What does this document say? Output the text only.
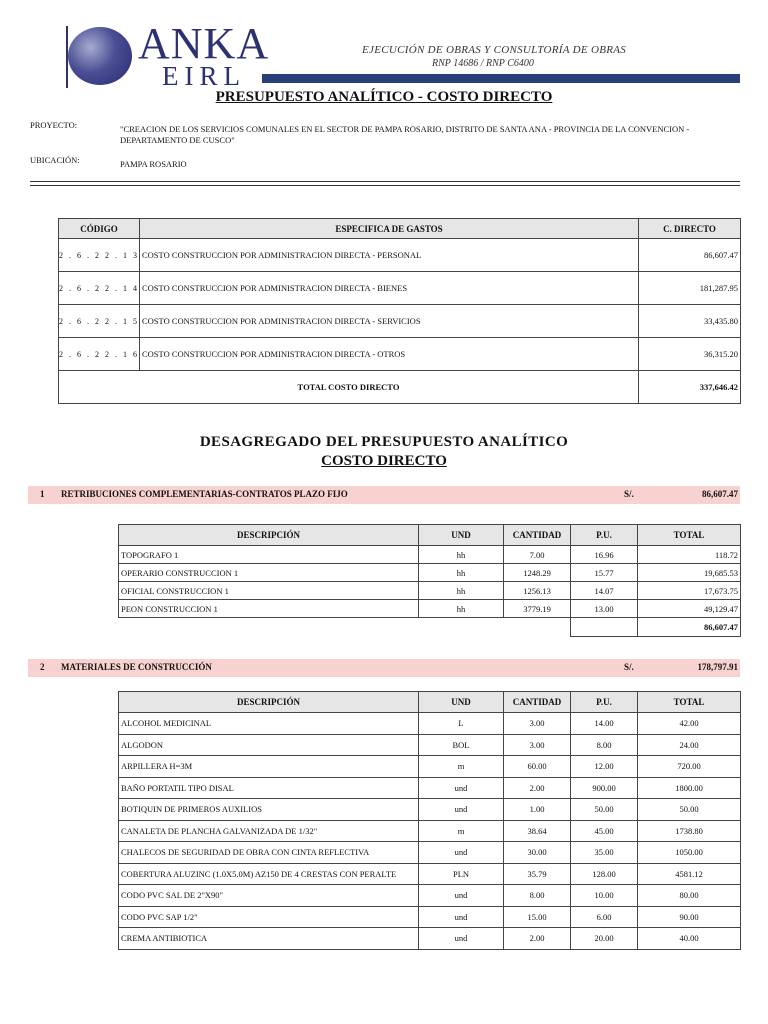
ANKA
EIRL
EJECUCIÓN DE OBRAS Y CONSULTORÍA DE OBRAS
RNP 14686 / RNP C6400
PRESUPUESTO ANALÍTICO - COSTO DIRECTO
PROYECTO:	"CREACION DE LOS SERVICIOS COMUNALES EN EL SECTOR DE PAMPA ROSARIO, DISTRITO DE SANTA ANA - PROVINCIA DE LA CONVENCION - DEPARTAMENTO DE CUSCO"
UBICACIÓN:	PAMPA ROSARIO
CÓDIGO	ESPECIFICA DE GASTOS	C. DIRECTO
2 . 6 . 2 2 . 1 3	COSTO CONSTRUCCION POR ADMINISTRACION DIRECTA - PERSONAL	86,607.47
2 . 6 . 2 2 . 1 4	COSTO CONSTRUCCION POR ADMINISTRACION DIRECTA - BIENES	181,287.95
2 . 6 . 2 2 . 1 5	COSTO CONSTRUCCION POR ADMINISTRACION DIRECTA - SERVICIOS	33,435.80
2 . 6 . 2 2 . 1 6	COSTO CONSTRUCCION POR ADMINISTRACION DIRECTA - OTROS	36,315.20
TOTAL COSTO DIRECTO		337,646.42
DESAGREGADO DEL PRESUPUESTO ANALÍTICO
COSTO DIRECTO
1 RETRIBUCIONES COMPLEMENTARIAS-CONTRATOS PLAZO FIJO	S/.	86,607.47
DESCRIPCIÓN	UND	CANTIDAD	P.U.	TOTAL
TOPOGRAFO 1	hh	7.00	16.96	118.72
OPERARIO CONSTRUCCION 1	hh	1248.29	15.77	19,685.53
OFICIAL CONSTRUCCION 1	hh	1256.13	14.07	17,673.75
PEON CONSTRUCCION 1	hh	3779.19	13.00	49,129.47
				86,607.47
2 MATERIALES DE CONSTRUCCIÓN	S/.	178,797.91
DESCRIPCIÓN	UND	CANTIDAD	P.U.	TOTAL
ALCOHOL MEDICINAL	L	3.00	14.00	42.00
ALGODON	BOL	3.00	8.00	24.00
ARPILLERA H=3M	m	60.00	12.00	720.00
BAÑO PORTATIL TIPO DISAL	und	2.00	900.00	1800.00
BOTIQUIN DE PRIMEROS AUXILIOS	und	1.00	50.00	50.00
CANALETA DE PLANCHA GALVANIZADA DE 1/32"	m	38.64	45.00	1738.80
CHALECOS DE SEGURIDAD DE OBRA CON CINTA REFLECTIVA	und	30.00	35.00	1050.00
COBERTURA ALUZINC (1.0X5.0M) AZ150 DE 4 CRESTAS CON PERALTE	PLN	35.79	128.00	4581.12
CODO PVC SAL DE 2"X90"	und	8.00	10.00	80.00
CODO PVC SAP 1/2"	und	15.00	6.00	90.00
CREMA ANTIBIOTICA	und	2.00	20.00	40.00
